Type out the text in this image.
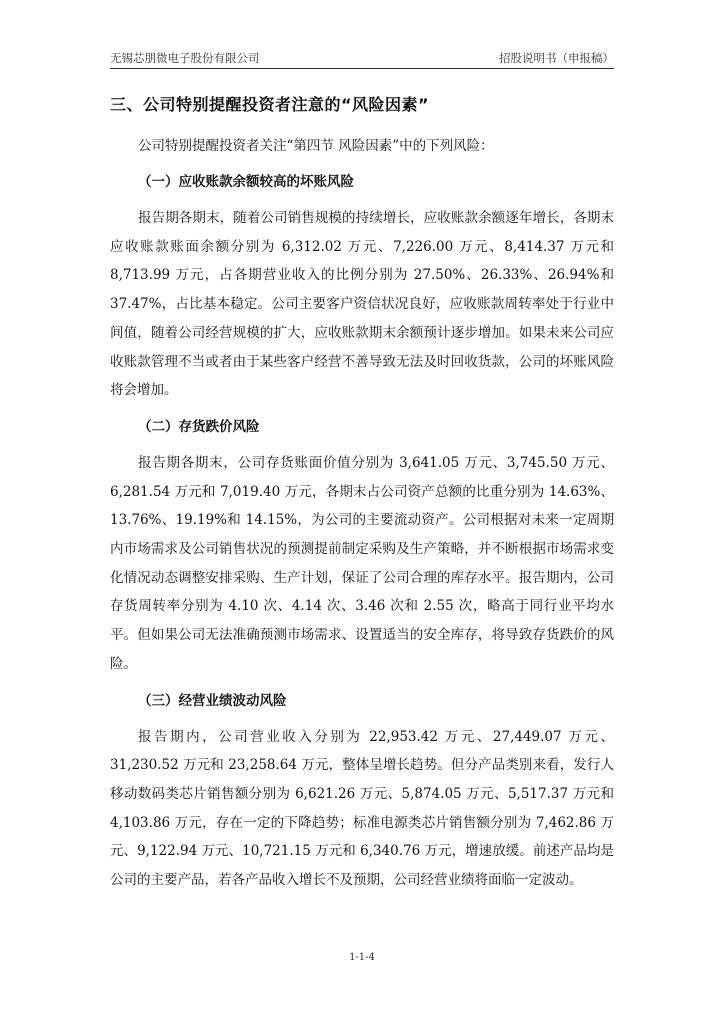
无锡芯朋微电子股份有限公司	招股说明书（申报稿）
三、公司特别提醒投资者注意的“风险因素”

公司特别提醒投资者关注“第四节 风险因素”中的下列风险：

（一）应收账款余额较高的坏账风险

报告期各期末，随着公司销售规模的持续增长，应收账款余额逐年增长，各期末应收账款账面余额分别为 6,312.02 万元、7,226.00 万元、8,414.37 万元和 8,713.99 万元，占各期营业收入的比例分别为 27.50%、26.33%、26.94%和 37.47%，占比基本稳定。公司主要客户资信状况良好，应收账款周转率处于行业中间值，随着公司经营规模的扩大，应收账款期末余额预计逐步增加。如果未来公司应收账款管理不当或者由于某些客户经营不善导致无法及时回收货款，公司的坏账风险将会增加。

（二）存货跌价风险

报告期各期末，公司存货账面价值分别为 3,641.05 万元、3,745.50 万元、6,281.54 万元和 7,019.40 万元，各期末占公司资产总额的比重分别为 14.63%、13.76%、19.19%和 14.15%，为公司的主要流动资产。公司根据对未来一定周期内市场需求及公司销售状况的预测提前制定采购及生产策略，并不断根据市场需求变化情况动态调整安排采购、生产计划，保证了公司合理的库存水平。报告期内，公司存货周转率分别为 4.10 次、4.14 次、3.46 次和 2.55 次，略高于同行业平均水平。但如果公司无法准确预测市场需求、设置适当的安全库存，将导致存货跌价的风险。

（三）经营业绩波动风险

报告期内，公司营业收入分别为 22,953.42 万元、27,449.07 万元、31,230.52 万元和 23,258.64 万元，整体呈增长趋势。但分产品类别来看，发行人移动数码类芯片销售额分别为 6,621.26 万元、5,874.05 万元、5,517.37 万元和 4,103.86 万元，存在一定的下降趋势；标准电源类芯片销售额分别为 7,462.86 万元、9,122.94 万元、10,721.15 万元和 6,340.76 万元，增速放缓。前述产品均是公司的主要产品，若各产品收入增长不及预期，公司经营业绩将面临一定波动。

1-1-4
